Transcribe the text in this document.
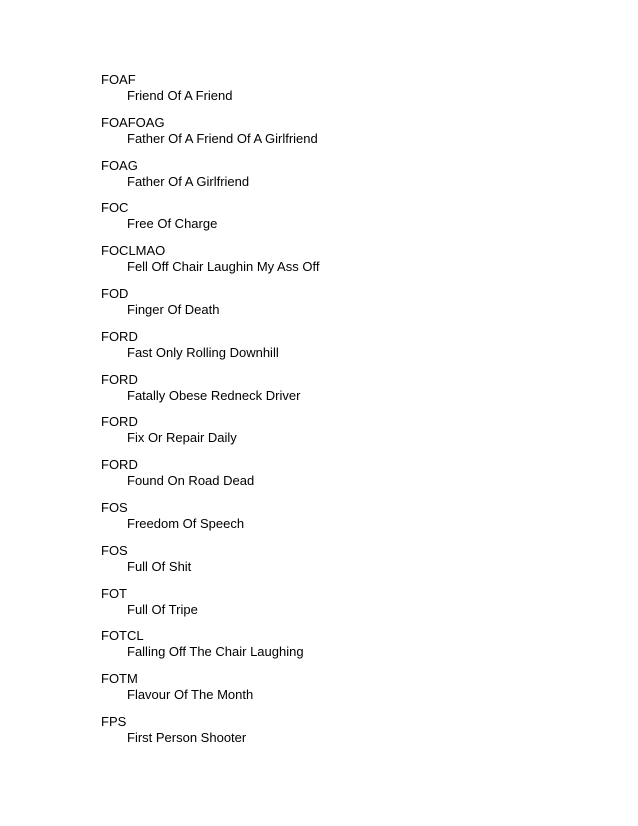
FOAF
Friend Of A Friend
FOAFOAG
Father Of A Friend Of A Girlfriend
FOAG
Father Of A Girlfriend
FOC
Free Of Charge
FOCLMAO
Fell Off Chair Laughin My Ass Off
FOD
Finger Of Death
FORD
Fast Only Rolling Downhill
FORD
Fatally Obese Redneck Driver
FORD
Fix Or Repair Daily
FORD
Found On Road Dead
FOS
Freedom Of Speech
FOS
Full Of Shit
FOT
Full Of Tripe
FOTCL
Falling Off The Chair Laughing
FOTM
Flavour Of The Month
FPS
First Person Shooter
